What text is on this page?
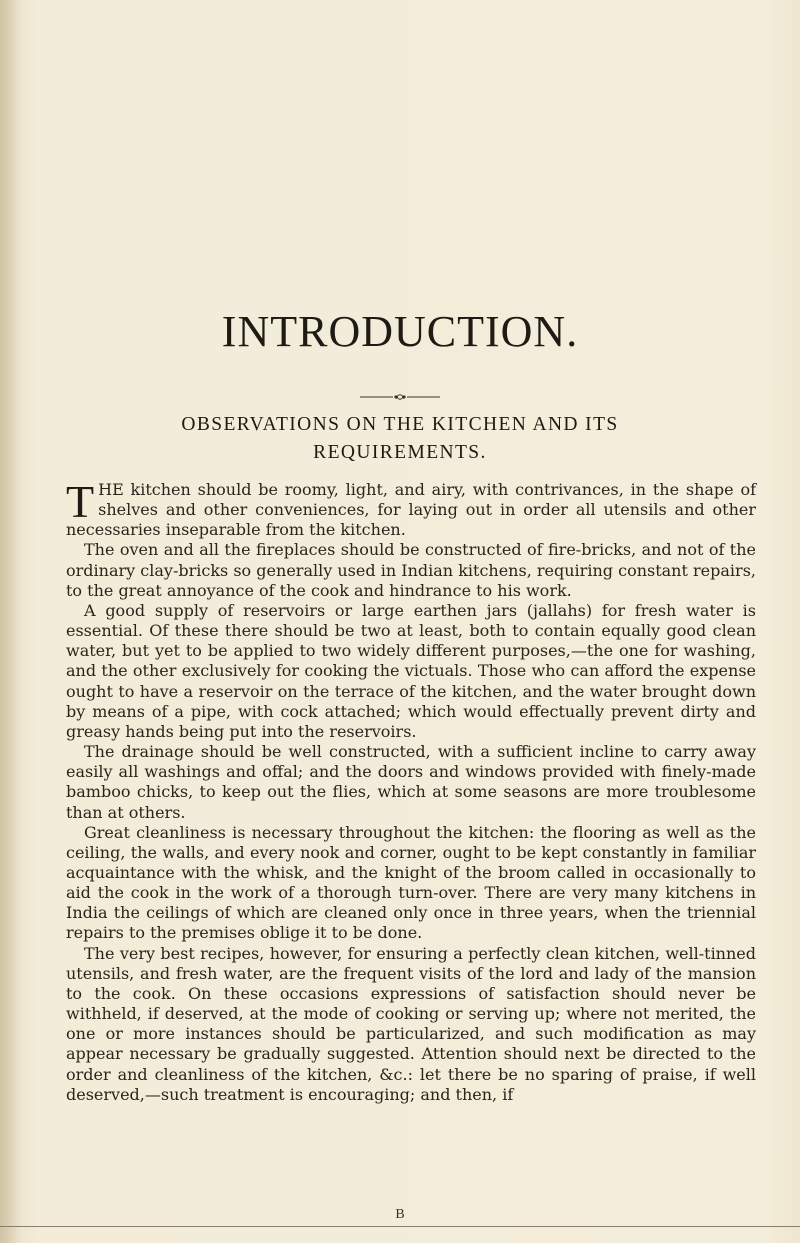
INTRODUCTION.
OBSERVATIONS ON THE KITCHEN AND ITS
REQUIREMENTS.

THE kitchen should be roomy, light, and airy, with contrivances, in the shape of shelves and other conveniences, for laying out in order all utensils and other necessaries inseparable from the kitchen.

The oven and all the fireplaces should be constructed of fire-bricks, and not of the ordinary clay-bricks so generally used in Indian kitchens, requiring constant repairs, to the great annoyance of the cook and hindrance to his work.

A good supply of reservoirs or large earthen jars (jallahs) for fresh water is essential. Of these there should be two at least, both to contain equally good clean water, but yet to be applied to two widely different purposes,—the one for washing, and the other exclusively for cooking the victuals. Those who can afford the expense ought to have a reservoir on the terrace of the kitchen, and the water brought down by means of a pipe, with cock attached; which would effectually prevent dirty and greasy hands being put into the reservoirs.

The drainage should be well constructed, with a sufficient incline to carry away easily all washings and offal; and the doors and windows provided with finely-made bamboo chicks, to keep out the flies, which at some seasons are more troublesome than at others.

Great cleanliness is necessary throughout the kitchen: the flooring as well as the ceiling, the walls, and every nook and corner, ought to be kept constantly in familiar acquaintance with the whisk, and the knight of the broom called in occasionally to aid the cook in the work of a thorough turn-over. There are very many kitchens in India the ceilings of which are cleaned only once in three years, when the triennial repairs to the premises oblige it to be done.

The very best recipes, however, for ensuring a perfectly clean kitchen, well-tinned utensils, and fresh water, are the frequent visits of the lord and lady of the mansion to the cook. On these occasions expressions of satisfaction should never be withheld, if deserved, at the mode of cooking or serving up; where not merited, the one or more instances should be particularized, and such modification as may appear necessary be gradually suggested. Attention should next be directed to the order and cleanliness of the kitchen, &c.: let there be no sparing of praise, if well deserved,—such treatment is encouraging; and then, if

B
